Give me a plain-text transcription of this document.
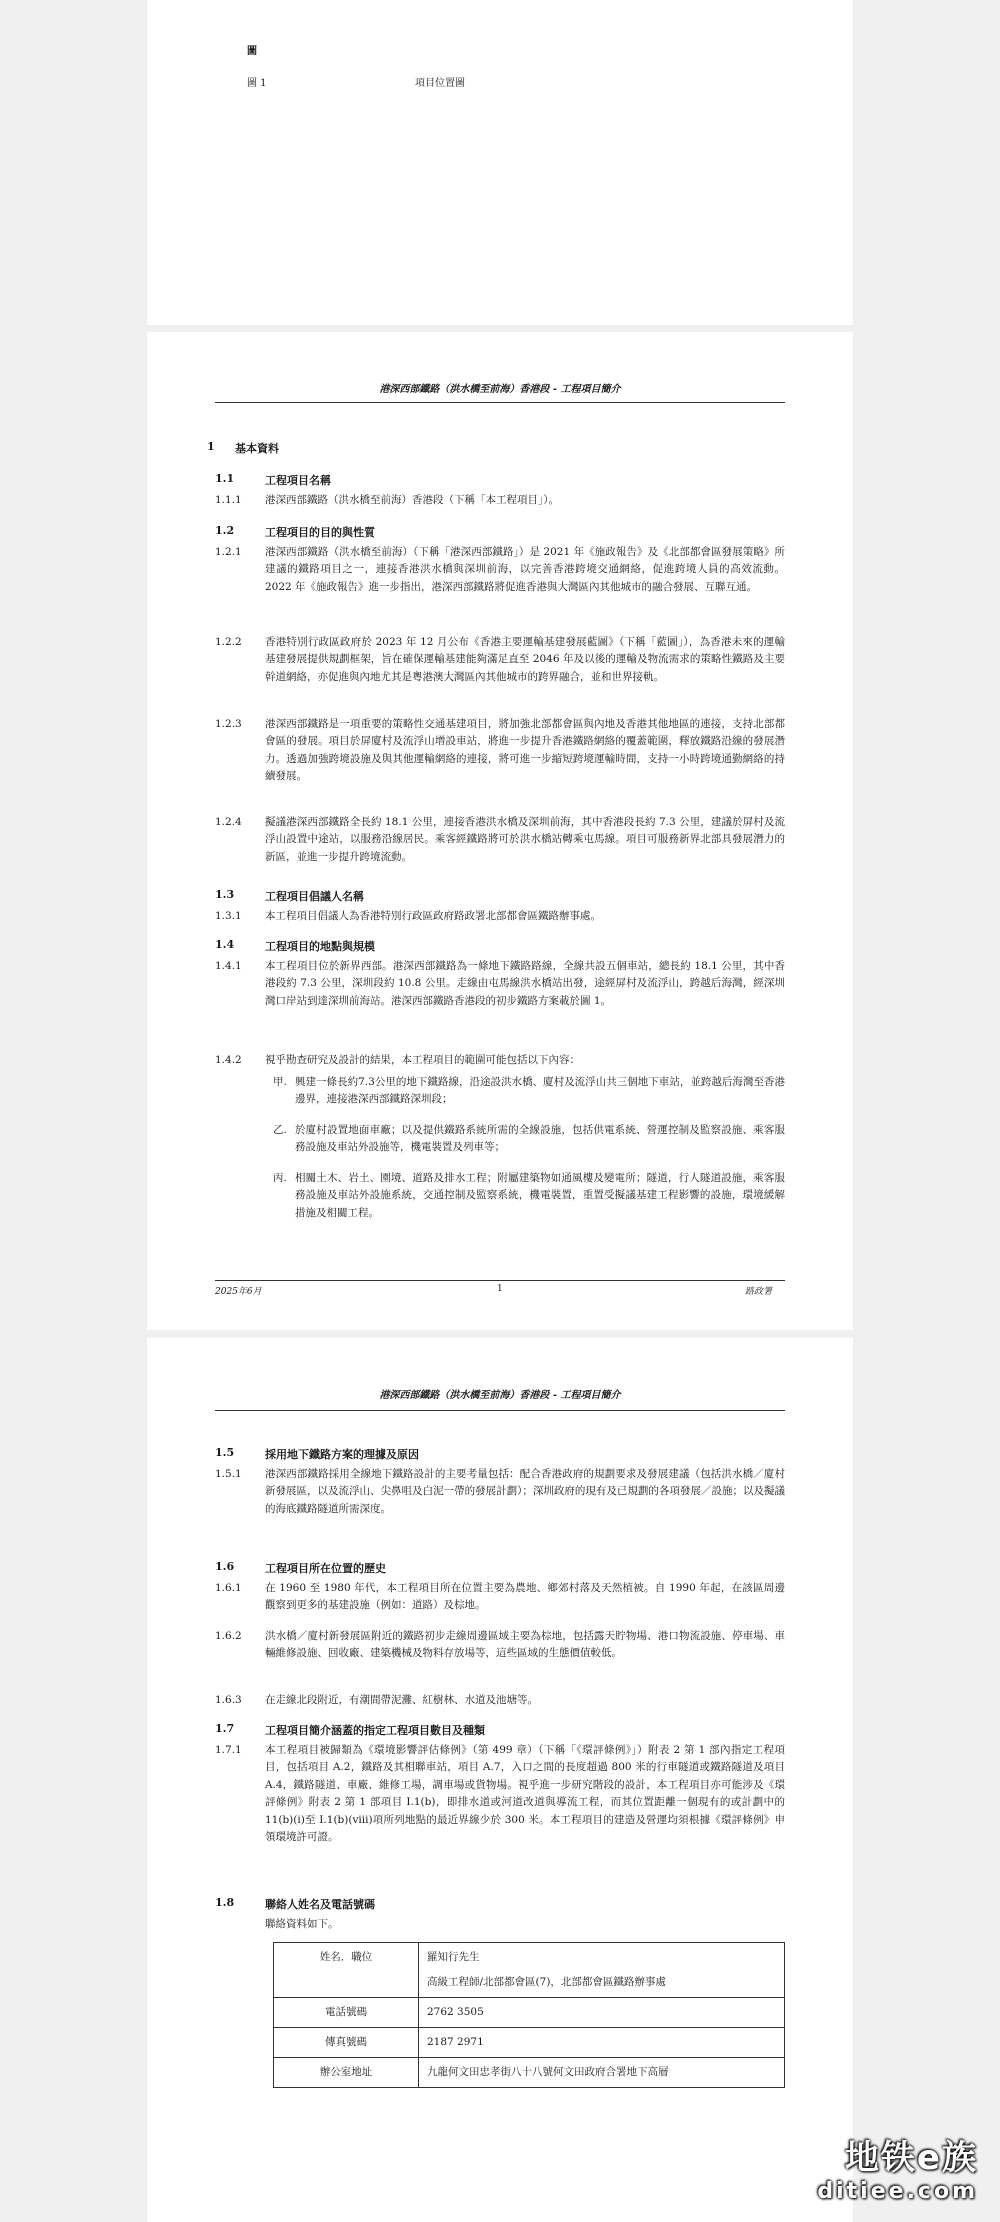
圖
圖 1	項目位置圖
港深西部鐵路（洪水橋至前海）香港段 - 工程項目簡介
1 基本資料
1.1	工程項目名稱
1.1.1 港深西部鐵路（洪水橋至前海）香港段（下稱「本工程項目」）。
1.2	工程項目的目的與性質
1.2.1 港深西部鐵路（洪水橋至前海）（下稱「港深西部鐵路」）是 2021 年《施政報告》及《北部都會區發展策略》所建議的鐵路項目之一，連接香港洪水橋與深圳前海，以完善香港跨境交通網絡，促進跨境人員的高效流動。2022 年《施政報告》進一步指出，港深西部鐵路將促進香港與大灣區內其他城市的融合發展、互聯互通。
1.2.2 香港特別行政區政府於 2023 年 12 月公布《香港主要運輸基建發展藍圖》（下稱「藍圖」），為香港未來的運輸基建發展提供規劃框架，旨在確保運輸基建能夠滿足直至 2046 年及以後的運輸及物流需求的策略性鐵路及主要幹道網絡，亦促進與內地尤其是粵港澳大灣區內其他城市的跨界融合，並和世界接軌。
1.2.3 港深西部鐵路是一項重要的策略性交通基建項目，將加強北部都會區與內地及香港其他地區的連接，支持北部都會區的發展。項目於屏廈村及流浮山增設車站，將進一步提升香港鐵路網絡的覆蓋範圍，釋放鐵路沿線的發展潛力。透過加強跨境設施及與其他運輸網絡的連接，將可進一步縮短跨境運輸時間，支持一小時跨境通勤網絡的持續發展。
1.2.4 擬議港深西部鐵路全長約 18.1 公里，連接香港洪水橋及深圳前海，其中香港段長約 7.3 公里，建議於屏村及流浮山設置中途站，以服務沿線居民。乘客經鐵路將可於洪水橋站轉乘屯馬線。項目可服務新界北部具發展潛力的新區，並進一步提升跨境流動。
1.3	工程項目倡議人名稱
1.3.1 本工程項目倡議人為香港特別行政區政府路政署北部都會區鐵路辦事處。
1.4	工程項目的地點與規模
1.4.1 本工程項目位於新界西部。港深西部鐵路為一條地下鐵路路線，全線共設五個車站，總長約 18.1 公里，其中香港段約 7.3 公里，深圳段約 10.8 公里。走線由屯馬線洪水橋站出發，途經屏村及流浮山，跨越后海灣，經深圳灣口岸站到達深圳前海站。港深西部鐵路香港段的初步鐵路方案載於圖 1。
1.4.2 視乎勘查研究及設計的結果，本工程項目的範圍可能包括以下內容：
甲. 興建一條長約7.3公里的地下鐵路線，沿途設洪水橋、廈村及流浮山共三個地下車站，並跨越后海灣至香港邊界，連接港深西部鐵路深圳段；
乙. 於廈村設置地面車廠；以及提供鐵路系統所需的全線設施，包括供電系統、營運控制及監察設施、乘客服務設施及車站外設施等，機電裝置及列車等；
丙. 相關土木、岩土、園境、道路及排水工程；附屬建築物如通風樓及變電所；隧道，行人隧道設施，乘客服務設施及車站外設施系統，交通控制及監察系統，機電裝置，重置受擬議基建工程影響的設施，環境緩解措施及相關工程。
2025年6月	1	路政署
港深西部鐵路（洪水橋至前海）香港段 - 工程項目簡介
1.5	採用地下鐵路方案的理據及原因
1.5.1 港深西部鐵路採用全線地下鐵路設計的主要考量包括：配合香港政府的規劃要求及發展建議（包括洪水橋／廈村新發展區，以及流浮山、尖鼻咀及白泥一帶的發展計劃）；深圳政府的現有及已規劃的各項發展／設施；以及擬議的海底鐵路隧道所需深度。
1.6	工程項目所在位置的歷史
1.6.1 在 1960 至 1980 年代，本工程項目所在位置主要為農地、鄉郊村落及天然植被。自 1990 年起，在該區周邊觀察到更多的基建設施（例如：道路）及棕地。
1.6.2 洪水橋／廈村新發展區附近的鐵路初步走線周邊區域主要為棕地，包括露天貯物場、港口物流設施、停車場、車輛維修設施、回收廠、建築機械及物料存放場等，這些區域的生態價值較低。
1.6.3 在走線北段附近，有潮間帶泥灘、紅樹林、水道及池塘等。
1.7	工程項目簡介涵蓋的指定工程項目數目及種類
1.7.1 本工程項目被歸類為《環境影響評估條例》（第 499 章）（下稱「《環評條例》」）附表 2 第 1 部內指定工程項目，包括項目 A.2，鐵路及其相聯車站，項目 A.7，入口之間的長度超過 800 米的行車隧道或鐵路隧道及項目 A.4，鐵路隧道、車廠、維修工場，調車場或貨物場。視乎進一步研究階段的設計，本工程項目亦可能涉及《環評條例》附表 2 第 1 部項目 I.1(b)，即排水道或河道改道與導流工程，而其位置距離一個現有的或計劃中的 11(b)(i)至 I.1(b)(viii)項所列地點的最近界線少於 300 米。本工程項目的建造及營運均須根據《環評條例》申領環境許可證。
1.8	聯絡人姓名及電話號碼
聯絡資料如下。
姓名．職位	羅知行先生
高級工程師/北部都會區(7)，北部都會區鐵路辦事處

電話號碼	2762 3505
傳真號碼	2187 2971
辦公室地址	九龍何文田忠孝街八十八號何文田政府合署地下高層
地铁e族
ditiee.com
